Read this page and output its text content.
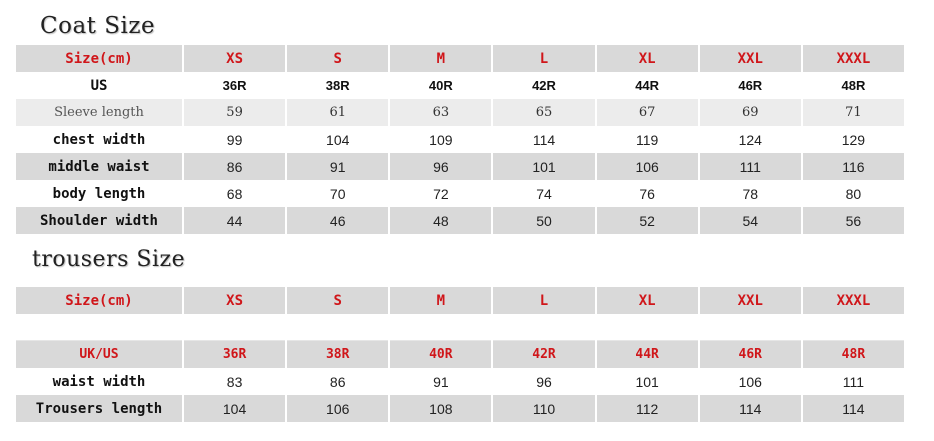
Coat Size
Size(cm)	XS	S	M	L	XL	XXL	XXXL
US	36R	38R	40R	42R	44R	46R	48R
Sleeve length	59	61	63	65	67	69	71
chest width	99	104	109	114	119	124	129
middle waist	86	91	96	101	106	111	116
body length	68	70	72	74	76	78	80
Shoulder width	44	46	48	50	52	54	56
trousers Size
Size(cm)	XS	S	M	L	XL	XXL	XXXL

UK/US	36R	38R	40R	42R	44R	46R	48R
waist width	83	86	91	96	101	106	111
Trousers length	104	106	108	110	112	114	114
